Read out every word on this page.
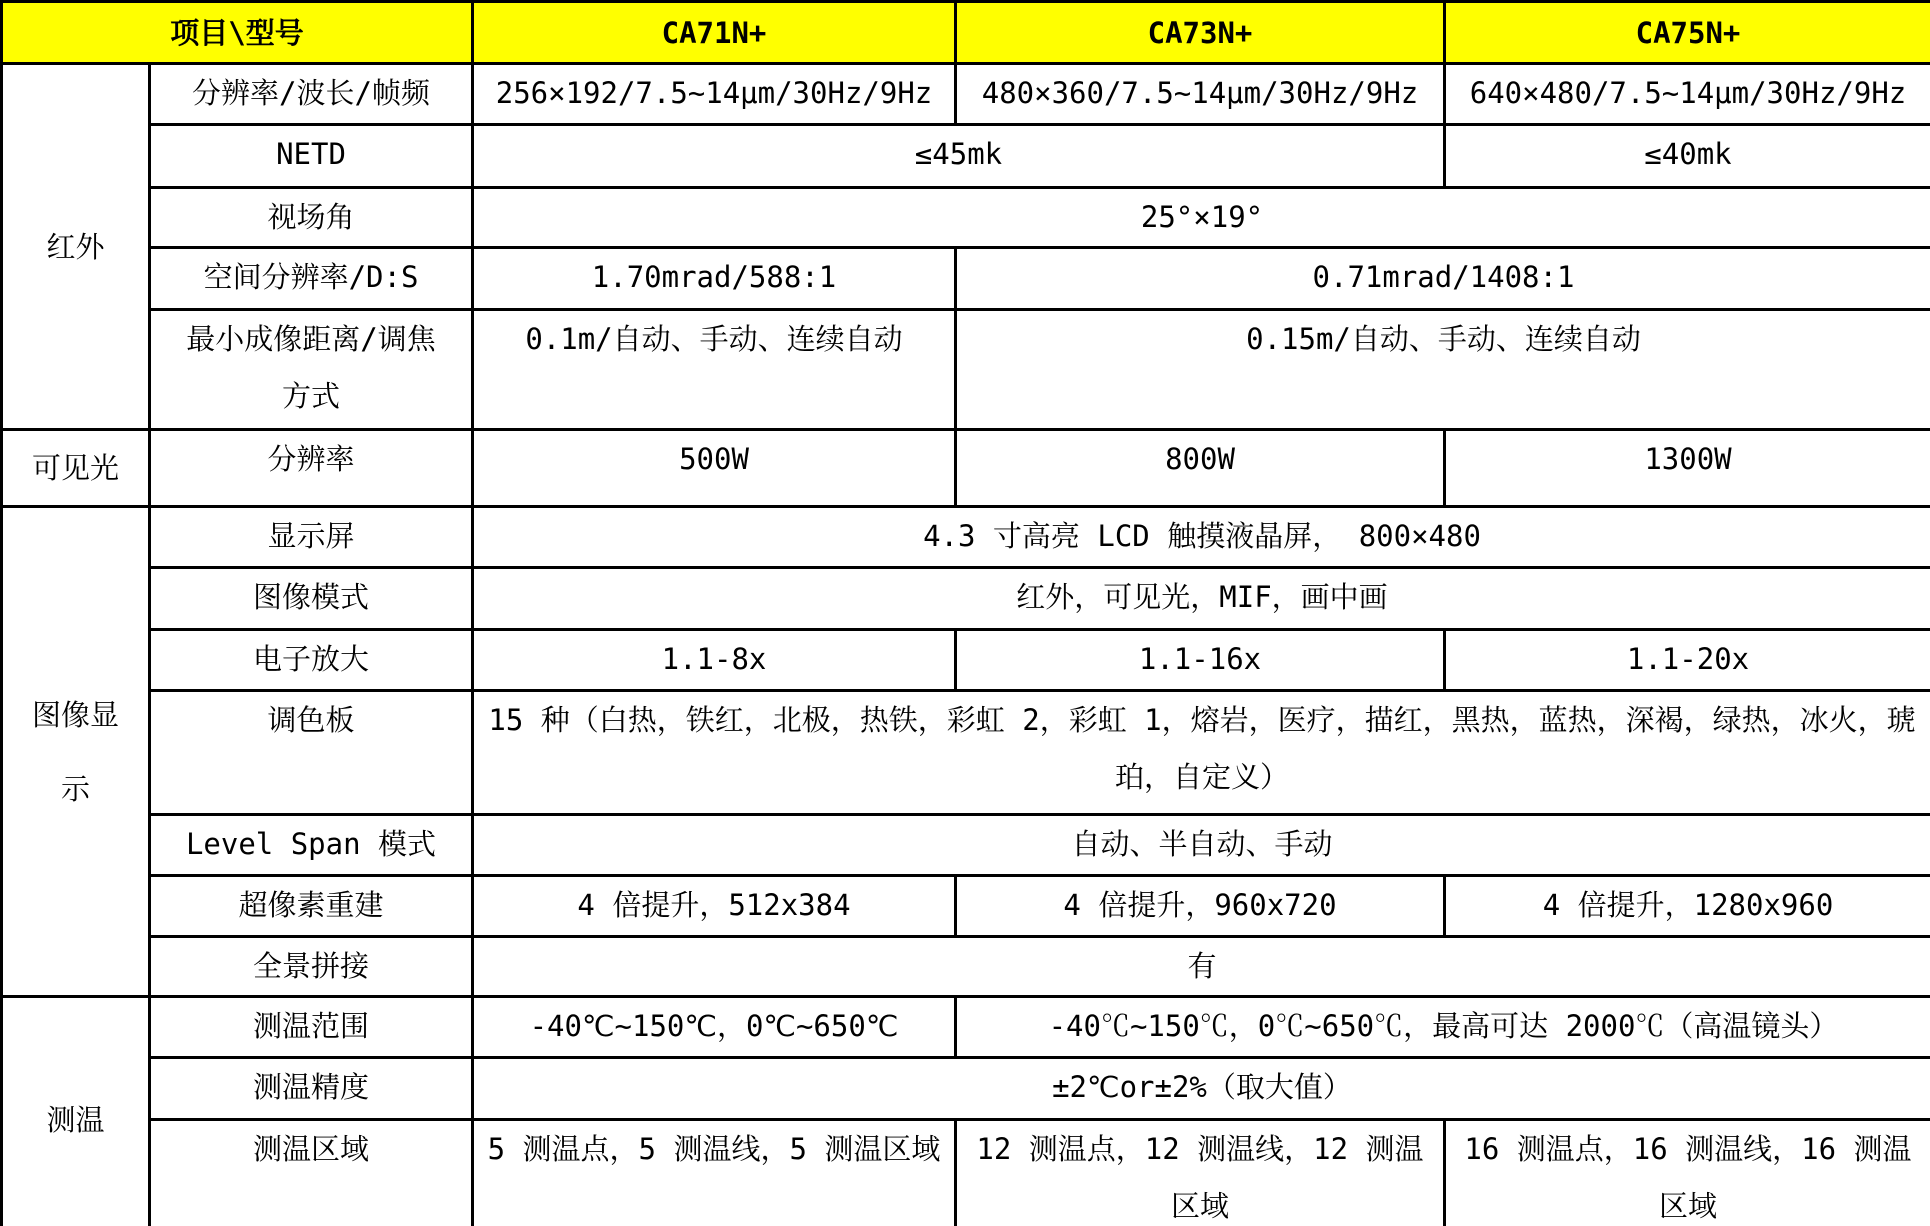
项目\型号		CA71N+	CA73N+	CA75N+
红外	分辨率/波长/帧频	256×192/7.5~14μm/30Hz/9Hz	480×360/7.5~14μm/30Hz/9Hz	640×480/7.5~14μm/30Hz/9Hz
	NETD	≤45mk		≤40mk
	视场角	25°×19°		
	空间分辨率/D:S	1.70mrad/588:1	0.71mrad/1408:1	
	最小成像距离/调焦方式	0.1m/自动、手动、连续自动	0.15m/自动、手动、连续自动	
可见光	分辨率	500W	800W	1300W
图像显示	显示屏	4.3 寸高亮 LCD 触摸液晶屏， 800×480		
	图像模式	红外，可见光，MIF，画中画		
	电子放大	1.1-8x	1.1-16x	1.1-20x
	调色板	15 种（白热，铁红，北极，热铁，彩虹 2，彩虹 1，熔岩，医疗，描红，黑热，蓝热，深褐，绿热，冰火，琥珀，自定义）		
	Level Span 模式	自动、半自动、手动		
	超像素重建	4 倍提升，512x384	4 倍提升，960x720	4 倍提升，1280x960
	全景拼接	有		
测温	测温范围	-40℃~150℃，0℃~650℃	-40℃~150℃，0℃~650℃，最高可达 2000℃（高温镜头）	
	测温精度	±2℃or±2%（取大值）		
	测温区域	5 测温点，5 测温线，5 测温区域	12 测温点，12 测温线，12 测温区域	16 测温点，16 测温线，16 测温区域
